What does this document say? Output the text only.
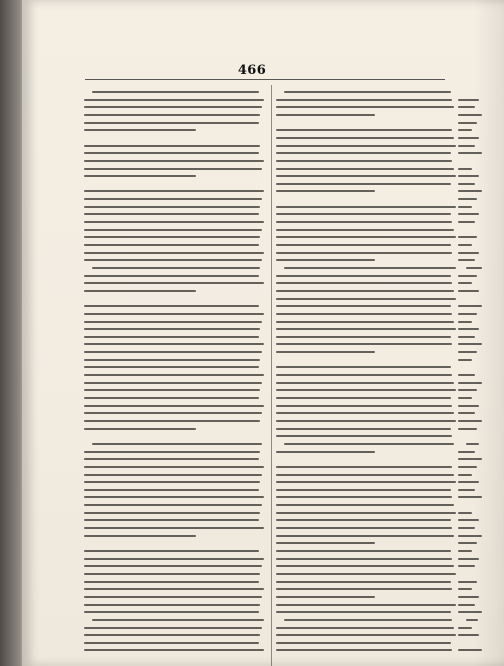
466
